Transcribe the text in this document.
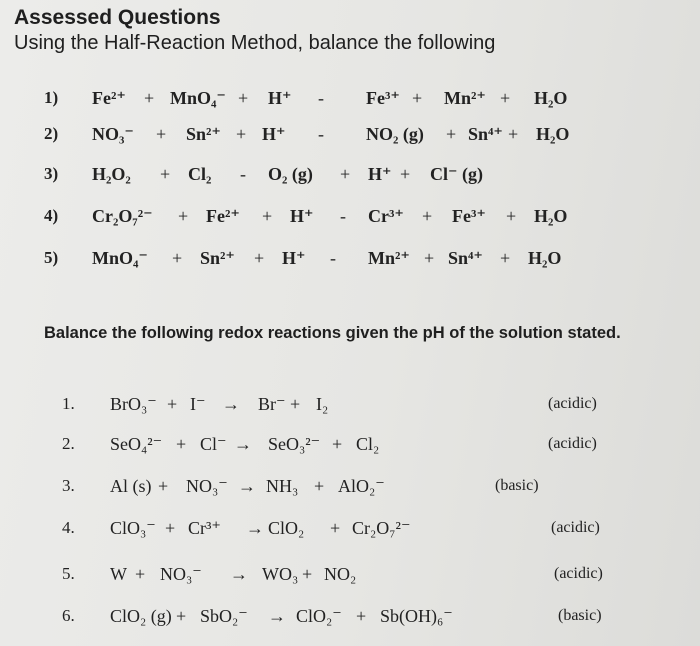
Assessed Questions
Using the Half-Reaction Method, balance the following
1) Fe²⁺ + MnO₄⁻ + H⁺ - Fe³⁺ + Mn²⁺ + H₂O
2) NO₃⁻ + Sn²⁺ + H⁺ - NO₂ (g) + Sn⁴⁺ + H₂O
3) H₂O₂ + Cl₂ - O₂ (g) + H⁺ + Cl⁻ (g)
4) Cr₂O₇²⁻ + Fe²⁺ + H⁺ - Cr³⁺ + Fe³⁺ + H₂O
5) MnO₄⁻ + Sn²⁺ + H⁺ - Mn²⁺ + Sn⁴⁺ + H₂O
Balance the following redox reactions given the pH of the solution stated.
1. BrO₃⁻ + I⁻ → Br⁻ + I₂	(acidic)
2. SeO₄²⁻ + Cl⁻ → SeO₃²⁻ + Cl₂	(acidic)
3. Al (s) + NO₃⁻ → NH₃ + AlO₂⁻	(basic)
4. ClO₃⁻ + Cr³⁺ → ClO₂ + Cr₂O₇²⁻	(acidic)
5. W + NO₃⁻ → WO₃ + NO₂	(acidic)
6. ClO₂ (g) + SbO₂⁻ → ClO₂⁻ + Sb(OH)₆⁻	(basic)
